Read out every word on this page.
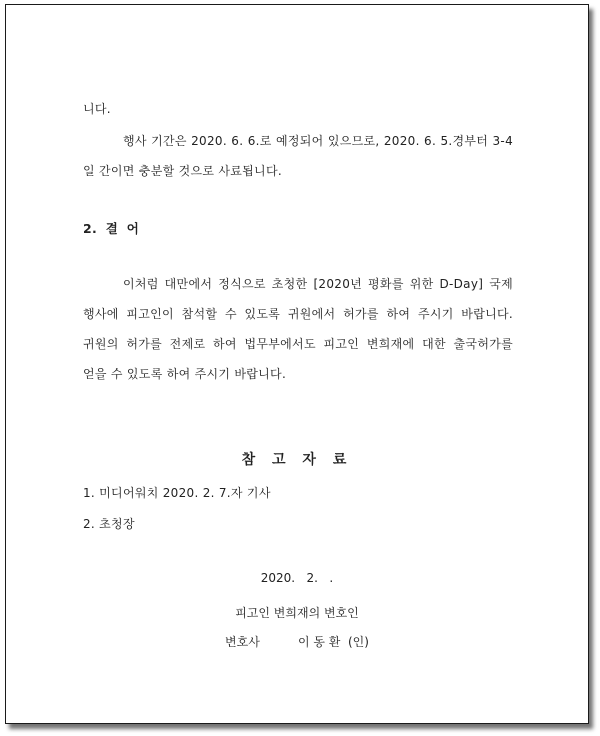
니다.
행사 기간은 2020. 6. 6.로 예정되어 있으므로, 2020. 6. 5.경부터 3-4
일 간이면 충분할 것으로 사료됩니다.
2. 결 어
이처럼 대만에서 정식으로 초청한 [2020년 평화를 위한 D-Day] 국제
행사에 피고인이 참석할 수 있도록 귀원에서 허가를 하여 주시기 바랍니다.
귀원의 허가를 전제로 하여 법무부에서도 피고인 변희재에 대한 출국허가를
얻을 수 있도록 하여 주시기 바랍니다.
참 고 자 료
1. 미디어워치 2020. 2. 7.자 기사
2. 초청장
2020.   2.   .
피고인 변희재의 변호인
변호사          이 동 환  (인)
